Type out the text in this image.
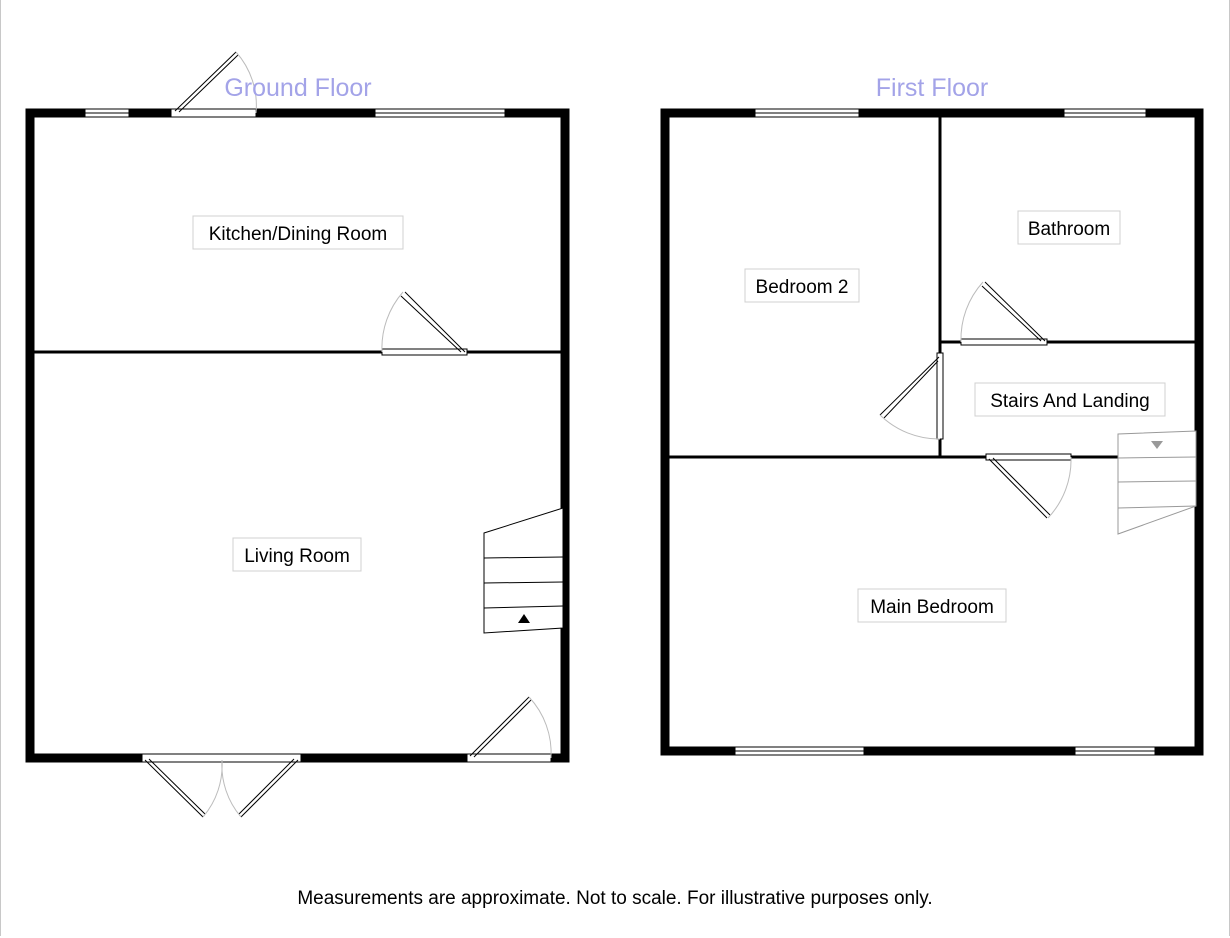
Ground Floor
Kitchen/Dining Room
Living Room
First Floor
Bedroom 2
Bathroom
Stairs And Landing
Main Bedroom
Measurements are approximate. Not to scale. For illustrative purposes only.
